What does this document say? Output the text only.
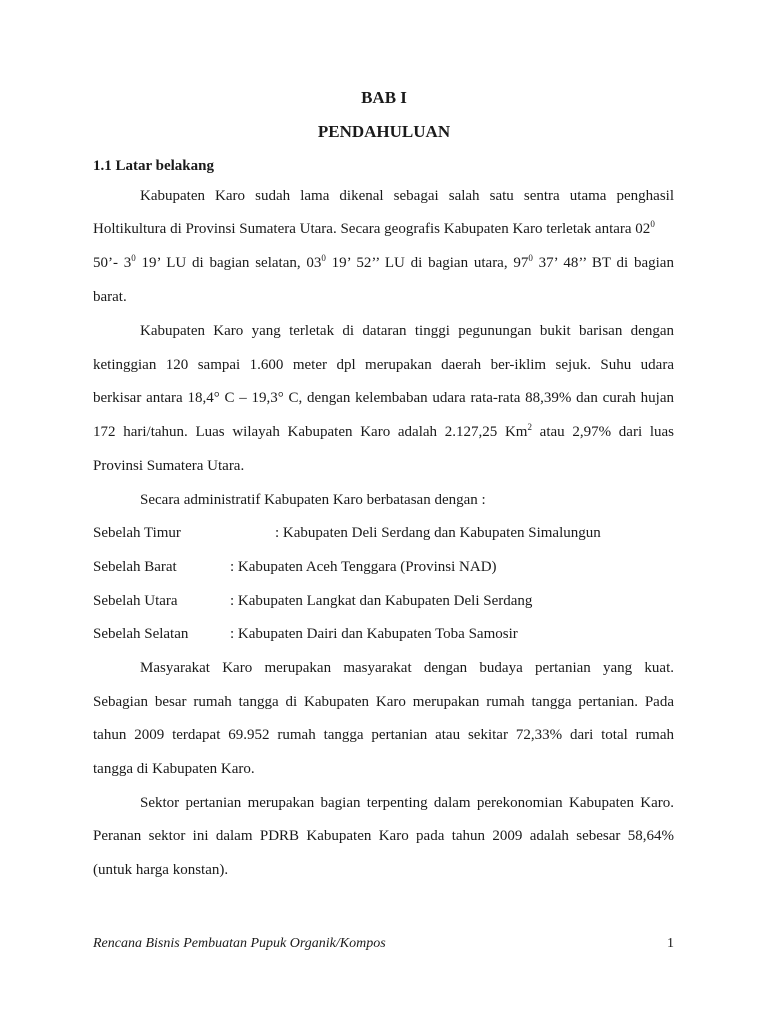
BAB I
PENDAHULUAN
1.1 Latar belakang
Kabupaten Karo sudah lama dikenal sebagai salah satu sentra utama penghasil
Holtikultura di Provinsi Sumatera Utara. Secara geografis Kabupaten Karo terletak antara $02^0$
50’- $3^0$ 19’ LU di bagian selatan, $03^0$ 19’ 52’’ LU di bagian utara, $97^0$ 37’ 48’’ BT di bagian
barat.
Kabupaten Karo yang terletak di dataran tinggi pegunungan bukit barisan dengan
ketinggian 120 sampai 1.600 meter dpl merupakan daerah ber-iklim sejuk. Suhu udara
berkisar antara 18,4° C – 19,3° C, dengan kelembaban udara rata-rata 88,39% dan curah hujan
172 hari/tahun. Luas wilayah Kabupaten Karo adalah 2.127,25 Km$^2$ atau 2,97% dari luas
Provinsi Sumatera Utara.
Secara administratif Kabupaten Karo berbatasan dengan :
Sebelah Timur	: Kabupaten Deli Serdang dan Kabupaten Simalungun
Sebelah Barat	: Kabupaten Aceh Tenggara (Provinsi NAD)
Sebelah Utara	: Kabupaten Langkat dan Kabupaten Deli Serdang
Sebelah Selatan	: Kabupaten Dairi dan Kabupaten Toba Samosir
Masyarakat Karo merupakan masyarakat dengan budaya pertanian yang kuat.
Sebagian besar rumah tangga di Kabupaten Karo merupakan rumah tangga pertanian. Pada
tahun 2009 terdapat 69.952 rumah tangga pertanian atau sekitar 72,33% dari total rumah
tangga di Kabupaten Karo.
Sektor pertanian merupakan bagian terpenting dalam perekonomian Kabupaten Karo.
Peranan sektor ini dalam PDRB Kabupaten Karo pada tahun 2009 adalah sebesar 58,64%
(untuk harga konstan).
Rencana Bisnis Pembuatan Pupuk Organik/Kompos	1
